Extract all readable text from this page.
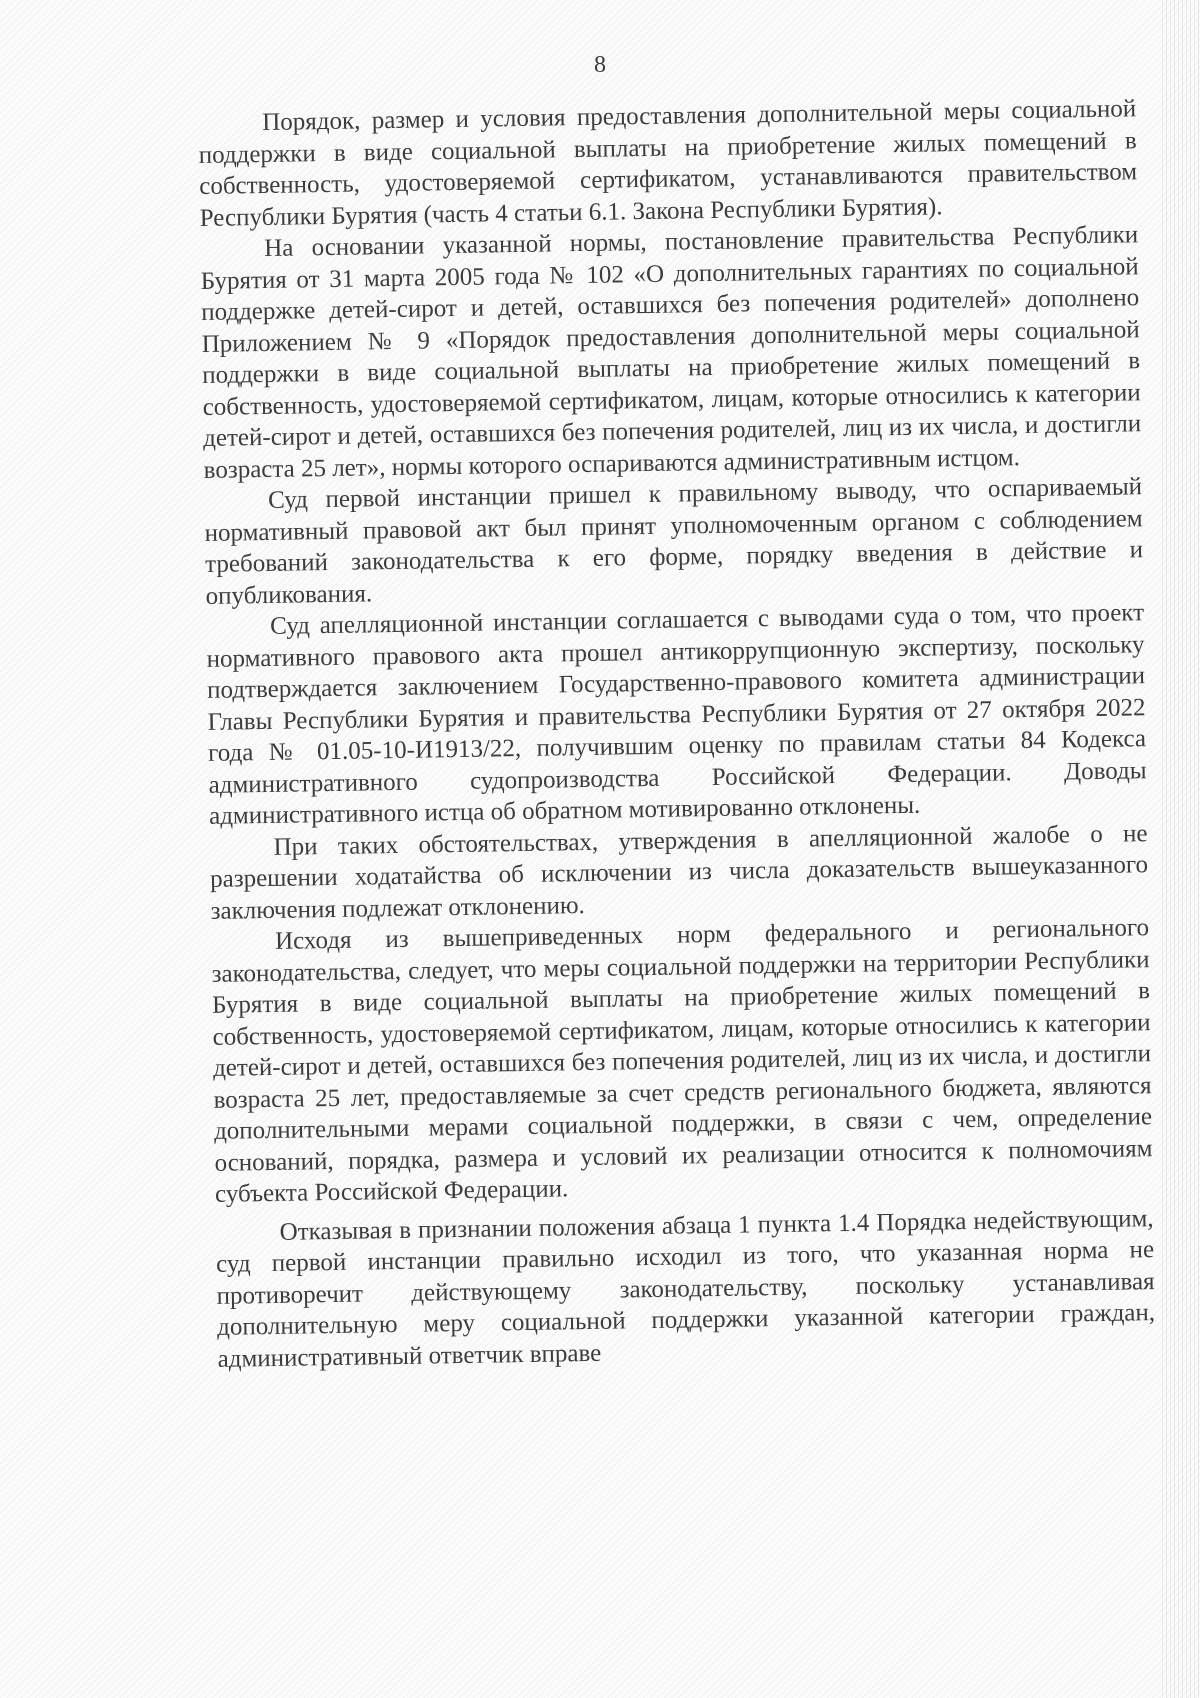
8

Порядок, размер и условия предоставления дополнительной меры социальной поддержки в виде социальной выплаты на приобретение жилых помещений в собственность, удостоверяемой сертификатом, устанавливаются правительством Республики Бурятия (часть 4 статьи 6.1. Закона Республики Бурятия).

На основании указанной нормы, постановление правительства Республики Бурятия от 31 марта 2005 года № 102 «О дополнительных гарантиях по социальной поддержке детей-сирот и детей, оставшихся без попечения родителей» дополнено Приложением № 9 «Порядок предоставления дополнительной меры социальной поддержки в виде социальной выплаты на приобретение жилых помещений в собственность, удостоверяемой сертификатом, лицам, которые относились к категории детей-сирот и детей, оставшихся без попечения родителей, лиц из их числа, и достигли возраста 25 лет», нормы которого оспариваются административным истцом.

Суд первой инстанции пришел к правильному выводу, что оспариваемый нормативный правовой акт был принят уполномоченным органом с соблюдением требований законодательства к его форме, порядку введения в действие и опубликования.

Суд апелляционной инстанции соглашается с выводами суда о том, что проект нормативного правового акта прошел антикоррупционную экспертизу, поскольку подтверждается заключением Государственно-правового комитета администрации Главы Республики Бурятия и правительства Республики Бурятия от 27 октября 2022 года № 01.05-10-И1913/22, получившим оценку по правилам статьи 84 Кодекса административного судопроизводства Российской Федерации. Доводы административного истца об обратном мотивированно отклонены.

При таких обстоятельствах, утверждения в апелляционной жалобе о не разрешении ходатайства об исключении из числа доказательств вышеуказанного заключения подлежат отклонению.

Исходя из вышеприведенных норм федерального и регионального законодательства, следует, что меры социальной поддержки на территории Республики Бурятия в виде социальной выплаты на приобретение жилых помещений в собственность, удостоверяемой сертификатом, лицам, которые относились к категории детей-сирот и детей, оставшихся без попечения родителей, лиц из их числа, и достигли возраста 25 лет, предоставляемые за счет средств регионального бюджета, являются дополнительными мерами социальной поддержки, в связи с чем, определение оснований, порядка, размера и условий их реализации относится к полномочиям субъекта Российской Федерации.

Отказывая в признании положения абзаца 1 пункта 1.4 Порядка недействующим, суд первой инстанции правильно исходил из того, что указанная норма не противоречит действующему законодательству, поскольку устанавливая дополнительную меру социальной поддержки указанной категории граждан, административный ответчик вправе
